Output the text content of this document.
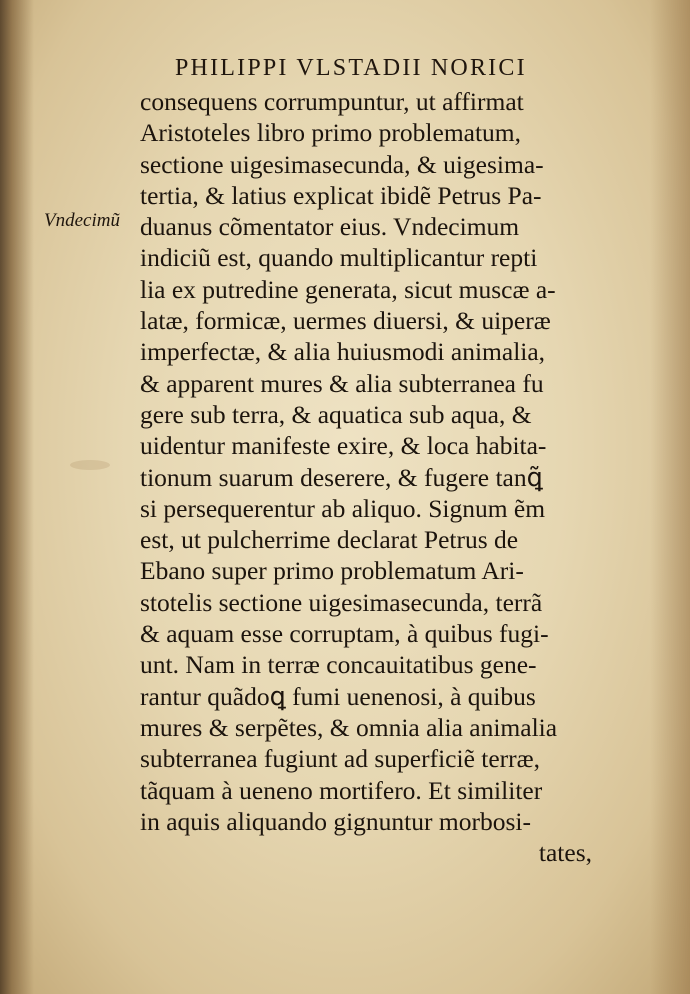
PHILIPPI VLSTADII NORICI
Vndecimũ
consequens corrumpuntur, ut affirmat
Aristoteles libro primo problematum,
sectione uigesimasecunda, & uigesima‑
tertia, & latius explicat ibidẽ Petrus Pa‑
duanus cõmentator eius. Vndecimum
indiciũ est, quando multiplicantur repti
lia ex putredine generata, sicut muscæ a‑
latæ, formicæ, uermes diuersi, & uiperæ
imperfectæ, & alia huiusmodi animalia,
& apparent mures & alia subterranea fu
gere sub terra, & aquatica sub aqua, &
uidentur manifeste exire, & loca habita‑
tionum suarum deserere, & fugere tanꝗ̃
si persequerentur ab aliquo. Signum ẽm
est, ut pulcherrime declarat Petrus de
Ebano super primo problematum Ari‑
stotelis sectione uigesimasecunda, terrã
& aquam esse corruptam, à quibus fugi‑
unt. Nam in terræ concauitatibus gene‑
rantur quãdoꝗ fumi uenenosi, à quibus
mures & serpẽtes, & omnia alia animalia
subterranea fugiunt ad superficiẽ terræ,
tãquam à ueneno mortifero. Et similiter
in aquis aliquando gignuntur morbosi‑
tates,
